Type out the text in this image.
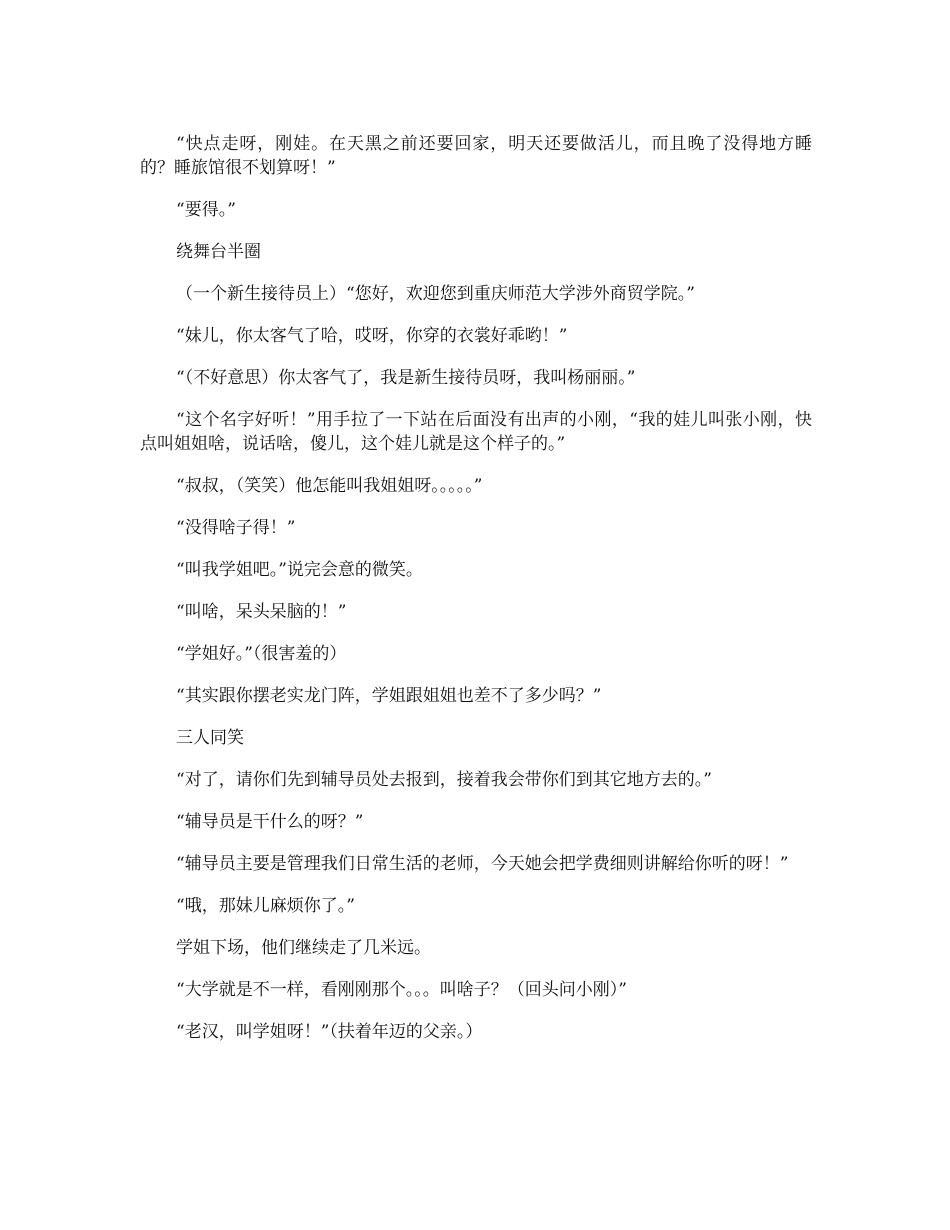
“快点走呀，刚娃。在天黑之前还要回家，明天还要做活儿，而且晚了没得地方睡的？睡旅馆很不划算呀！”

“要得。”

绕舞台半圈

（一个新生接待员上）“您好，欢迎您到重庆师范大学涉外商贸学院。”

“妹儿，你太客气了哈，哎呀，你穿的衣裳好乖哟！”

“（不好意思）你太客气了，我是新生接待员呀，我叫杨丽丽。”

“这个名字好听！”用手拉了一下站在后面没有出声的小刚，“我的娃儿叫张小刚，快点叫姐姐啥，说话啥，傻儿，这个娃儿就是这个样子的。”

“叔叔，（笑笑）他怎能叫我姐姐呀。。。。。”

“没得啥子得！”

“叫我学姐吧。”说完会意的微笑。

“叫啥，呆头呆脑的！”

“学姐好。”（很害羞的）

“其实跟你摆老实龙门阵，学姐跟姐姐也差不了多少吗？”

三人同笑

“对了，请你们先到辅导员处去报到，接着我会带你们到其它地方去的。”

“辅导员是干什么的呀？”

“辅导员主要是管理我们日常生活的老师，今天她会把学费细则讲解给你听的呀！”

“哦，那妹儿麻烦你了。”

学姐下场，他们继续走了几米远。

“大学就是不一样，看刚刚那个。。。叫啥子？（回头问小刚）”

“老汉，叫学姐呀！”（扶着年迈的父亲。）
